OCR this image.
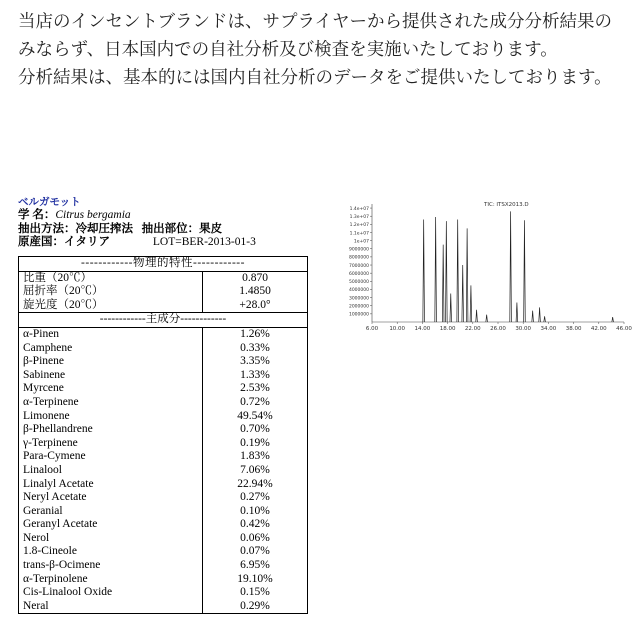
当店のインセントブランドは、サプライヤーから提供された成分分析結果のみならず、日本国内での自社分析及び検査を実施いたしております。

分析結果は、基本的には国内自社分析のデータをご提供いたしております。

ベルガモット
学 名：Citrus bergamia
抽出方法：冷却圧搾法 抽出部位：果皮
原産国：イタリア	LOT=BER-2013-01-3
------------物理的特性------------	
比重（20℃）	0.870
屈折率（20℃）	1.4850
旋光度（20℃）	+28.0°
------------主成分------------	
α-Pinen	1.26%
Camphene	0.33%
β-Pinene	3.35%
Sabinene	1.33%
Myrcene	2.53%
α-Terpinene	0.72%
Limonene	49.54%
β-Phellandrene	0.70%
γ-Terpinene	0.19%
Para-Cymene	1.83%
Linalool	7.06%
Linalyl Acetate	22.94%
Neryl Acetate	0.27%
Geranial	0.10%
Geranyl Acetate	0.42%
Nerol	0.06%
1.8-Cineole	0.07%
trans-β-Ocimene	6.95%
α-Terpinolene	19.10%
Cis-Linalool Oxide	0.15%
Neral	0.29%
1.4e+07
1.3e+07
1.2e+07
1.1e+07
1e+07
9000000
8000000
7000000
6000000
5000000
4000000
3000000
2000000
1000000
6.00 10.00 14.00 18.00 22.00 26.00 30.00 34.00 38.00 42.00 46.00
TIC: ITSX2013.D
